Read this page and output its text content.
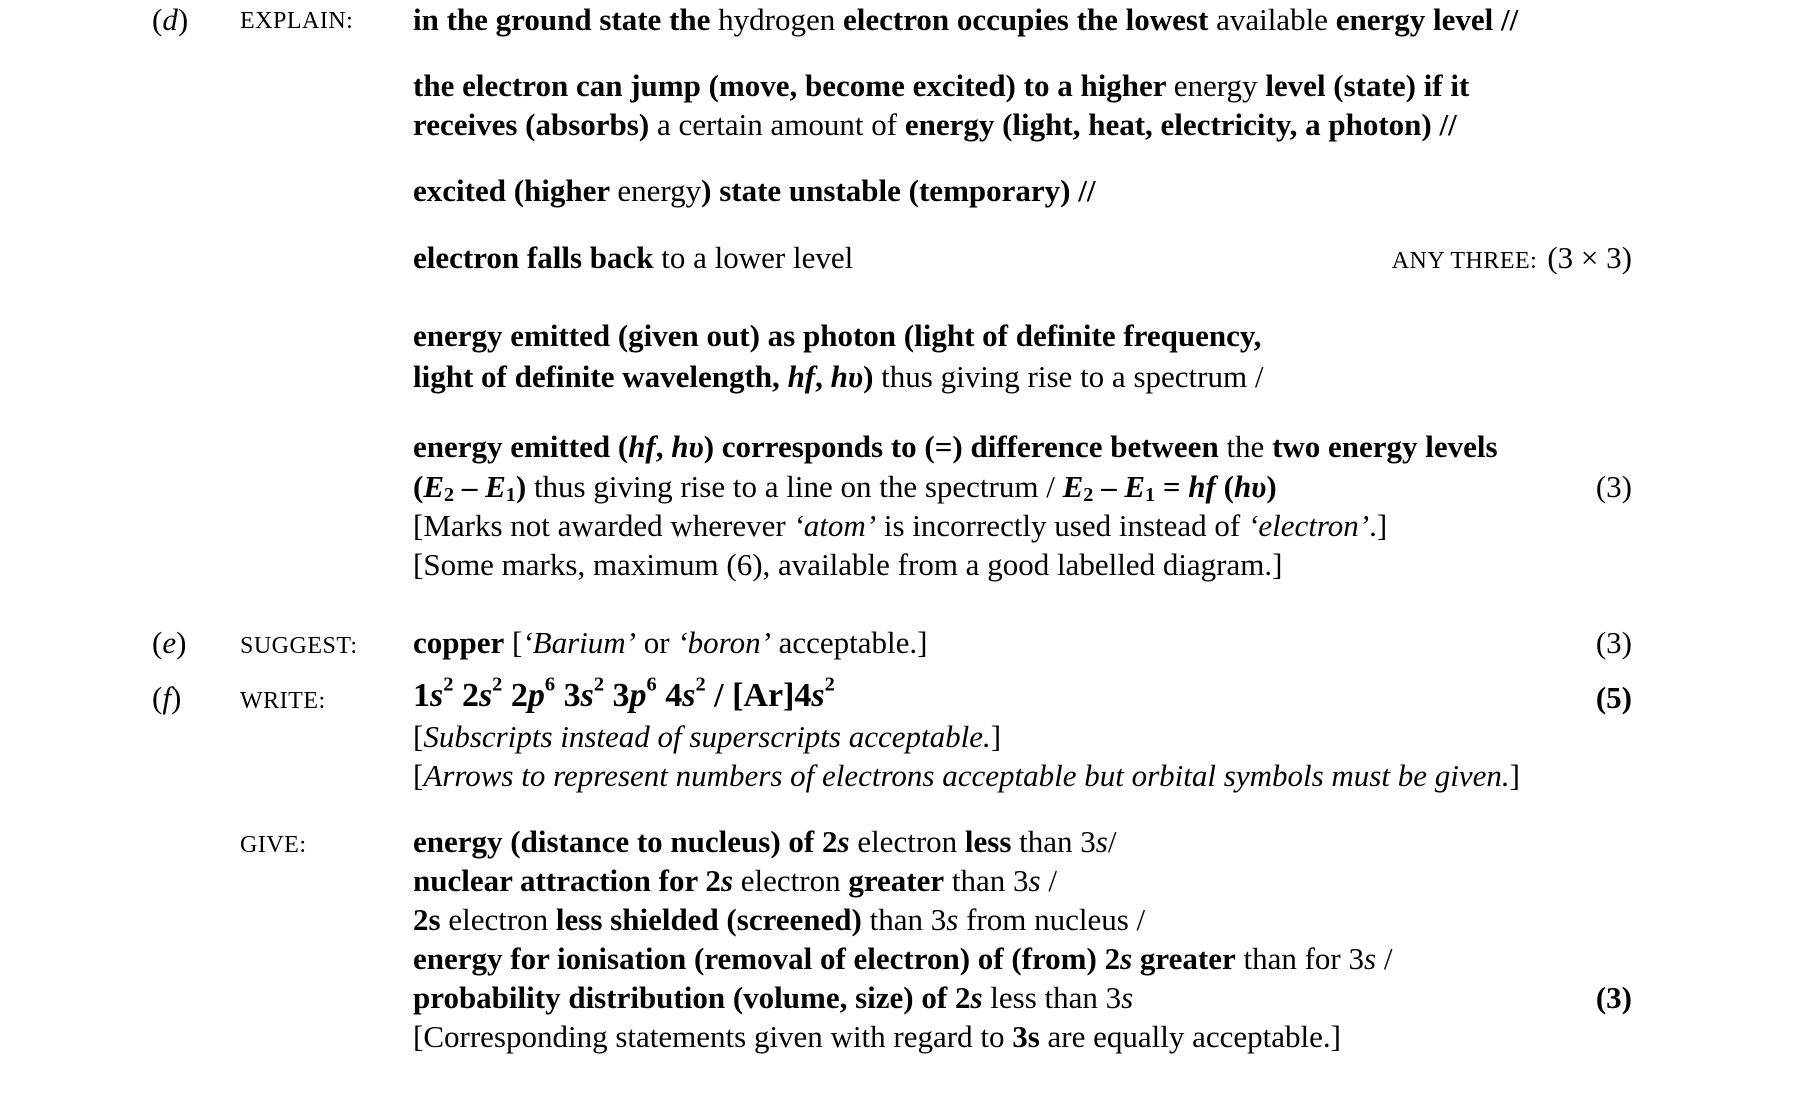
(d) EXPLAIN: in the ground state the hydrogen electron occupies the lowest available energy level //
the electron can jump (move, become excited) to a higher energy level (state) if it
receives (absorbs) a certain amount of energy (light, heat, electricity, a photon) //
excited (higher energy) state unstable (temporary) //
electron falls back to a lower level	ANY THREE: (3 × 3)
energy emitted (given out) as photon (light of definite frequency,
light of definite wavelength, hf, hυ) thus giving rise to a spectrum /
energy emitted (hf, hυ) corresponds to (=) difference between the two energy levels
$(E_2 - E_1)$ thus giving rise to a line on the spectrum / $E_2 - E_1$ = hf (hυ)	(3)
[Marks not awarded wherever ‘atom’ is incorrectly used instead of ‘electron’.]
[Some marks, maximum (6), available from a good labelled diagram.]
(e) SUGGEST: copper [‘Barium’ or ‘boron’ acceptable.]	(3)
(f) WRITE:	$1s^2$ $2s^2$ $2p^6$ $3s^2$ $3p^6$ $4s^2 / [Ar]4s^2$	(5)
[Subscripts instead of superscripts acceptable.]
[Arrows to represent numbers of electrons acceptable but orbital symbols must be given.]
GIVE:	energy (distance to nucleus) of 2s electron less than 3s/
nuclear attraction for 2s electron greater than 3s /
2s electron less shielded (screened) than 3s from nucleus /
energy for ionisation (removal of electron) of (from) 2s greater than for 3s /
probability distribution (volume, size) of 2s less than 3s	(3)
[Corresponding statements given with regard to 3s are equally acceptable.]
